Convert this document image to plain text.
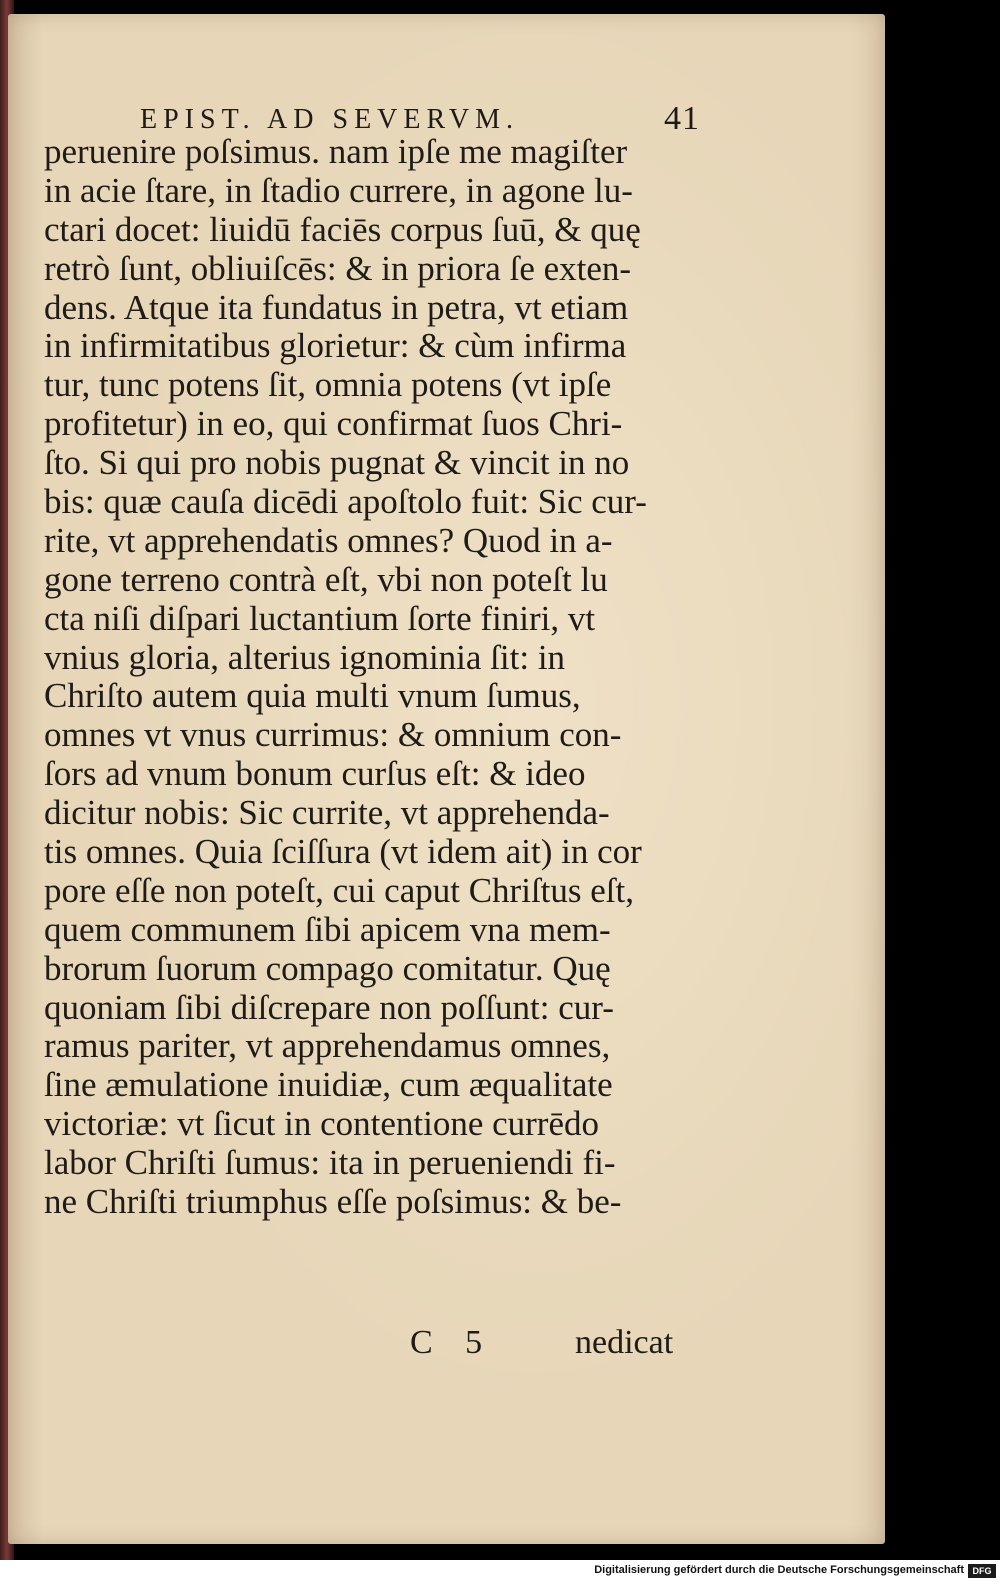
EPIST. AD SEVERVM.	41
peruenire poſsimus. nam ipſe me magiſter
in acie ſtare, in ſtadio currere, in agone lu-
ctari docet: liuidū faciēs corpus ſuū, & quę
retrò ſunt, obliuiſcēs: & in priora ſe exten-
dens. Atque ita fundatus in petra, vt etiam
in infirmitatibus glorietur: & cùm infirma
tur, tunc potens ſit, omnia potens (vt ipſe
profitetur) in eo, qui confirmat ſuos Chri-
ſto. Si qui pro nobis pugnat & vincit in no
bis: quæ cauſa dicēdi apoſtolo fuit: Sic cur-
rite, vt apprehendatis omnes? Quod in a-
gone terreno contrà eſt, vbi non poteſt lu
cta niſi diſpari luctantium ſorte finiri, vt
vnius gloria, alterius ignominia ſit: in
Chriſto autem quia multi vnum ſumus,
omnes vt vnus currimus: & omnium con-
ſors ad vnum bonum curſus eſt: & ideo
dicitur nobis: Sic currite, vt apprehenda-
tis omnes. Quia ſciſſura (vt idem ait) in cor
pore eſſe non poteſt, cui caput Chriſtus eſt,
quem communem ſibi apicem vna mem-
brorum ſuorum compago comitatur. Quę
quoniam ſibi diſcrepare non poſſunt: cur-
ramus pariter, vt apprehendamus omnes,
ſine æmulatione inuidiæ, cum æqualitate
victoriæ: vt ſicut in contentione currēdo
labor Chriſti ſumus: ita in perueniendi fi-
ne Chriſti triumphus eſſe poſsimus: & be-
C 5 nedicat
Digitalisierung gefördert durch die Deutsche Forschungsgemeinschaft DFG
